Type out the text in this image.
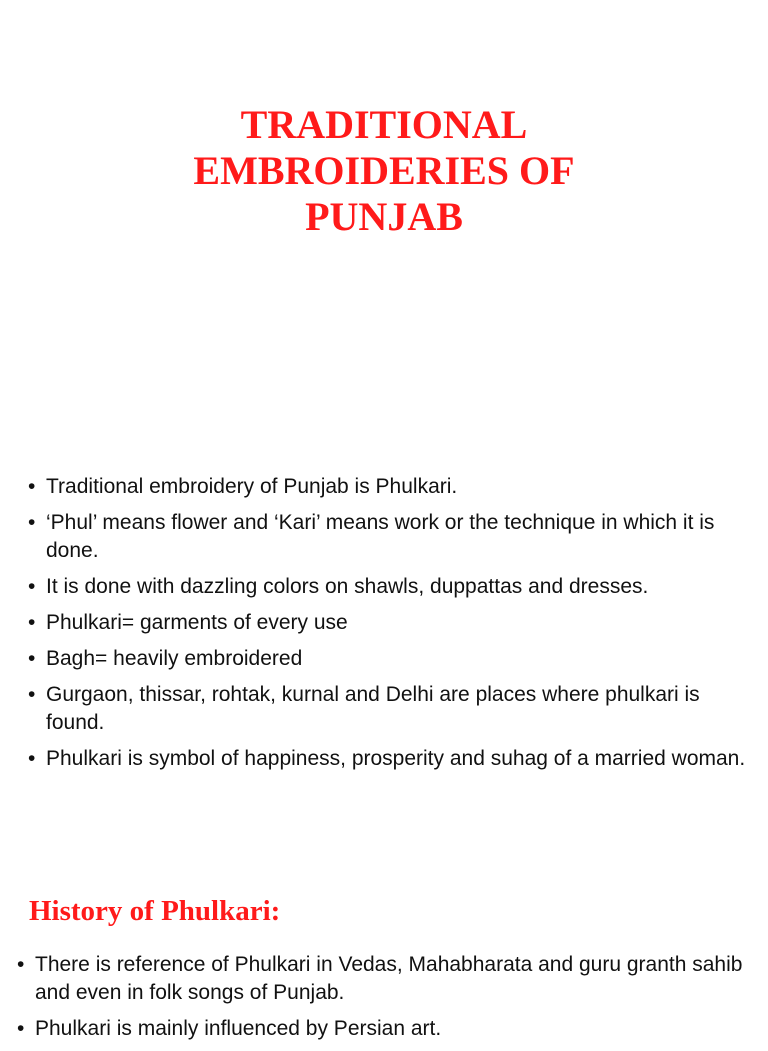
TRADITIONAL
EMBROIDERIES OF
PUNJAB
• Traditional embroidery of Punjab is Phulkari.
• ‘Phul’ means flower and ‘Kari’ means work or the technique in which it is done.
• It is done with dazzling colors on shawls, duppattas and dresses.
• Phulkari= garments of every use
• Bagh= heavily embroidered
• Gurgaon, thissar, rohtak, kurnal and Delhi are places where phulkari is found.
• Phulkari is symbol of happiness, prosperity and suhag of a married woman.
History of Phulkari:
• There is reference of Phulkari in Vedas, Mahabharata and guru granth sahib and even in folk songs of Punjab.
• Phulkari is mainly influenced by Persian art.
